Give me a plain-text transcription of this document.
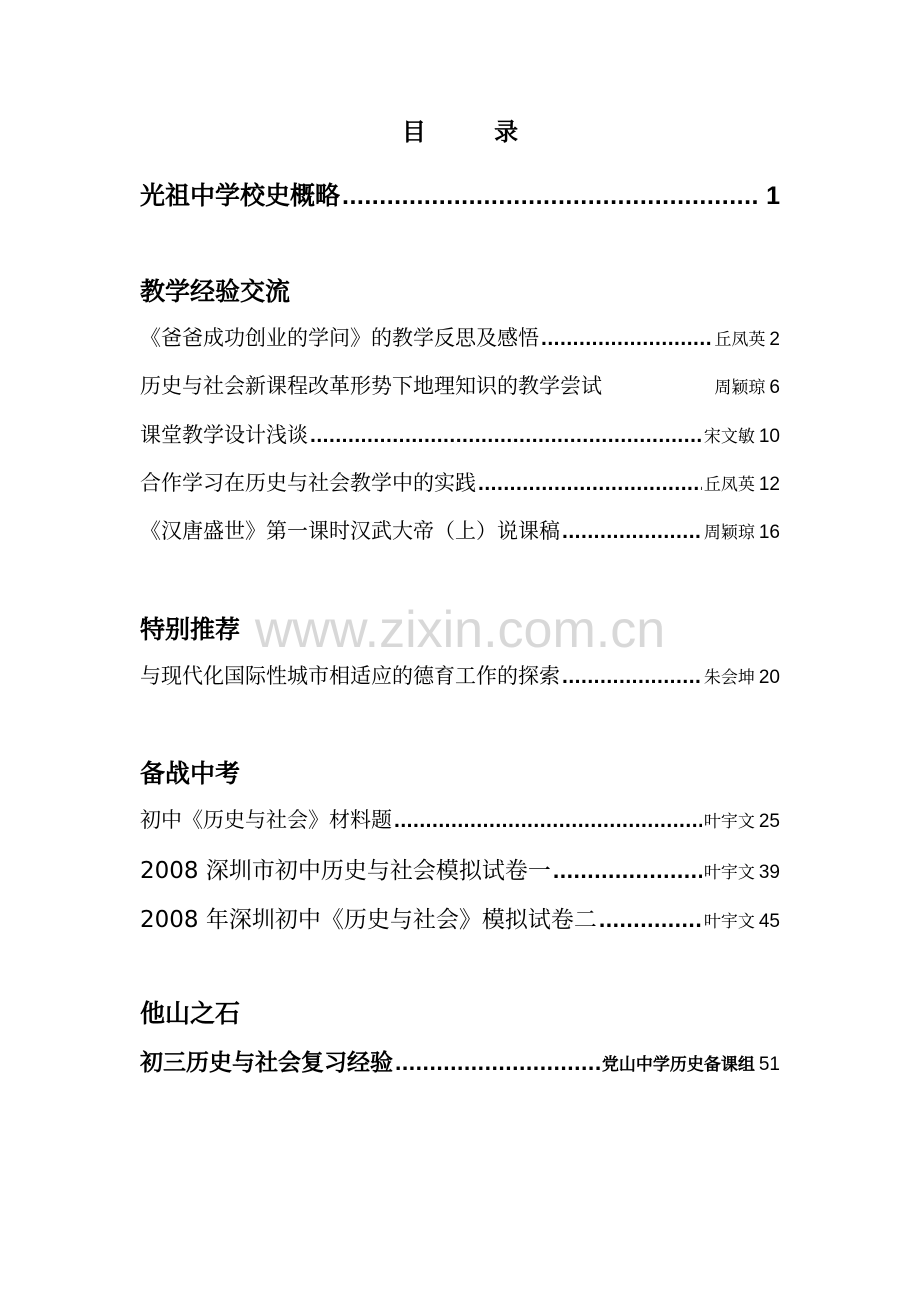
目 录
www.zixin.com.cn
光祖中学校史概略 .....	1
教学经验交流
《爸爸成功创业的学问》的教学反思及感悟 .....	丘凤英 2
历史与社会新课程改革形势下地理知识的教学尝试	周颖琼 6
课堂教学设计浅谈 .....	宋文敏 10
合作学习在历史与社会教学中的实践 .....	丘凤英 12
《汉唐盛世》第一课时汉武大帝（上）说课稿 .....	周颖琼 16
特别推荐
与现代化国际性城市相适应的德育工作的探索 .....	朱会坤 20
备战中考
初中《历史与社会》材料题 .....	叶宇文 25
2008 深圳市初中历史与社会模拟试卷一 .....	叶宇文 39
2008 年深圳初中《历史与社会》模拟试卷二 .....	叶宇文 45
他山之石
初三历史与社会复习经验 .....	党山中学历史备课组 51
